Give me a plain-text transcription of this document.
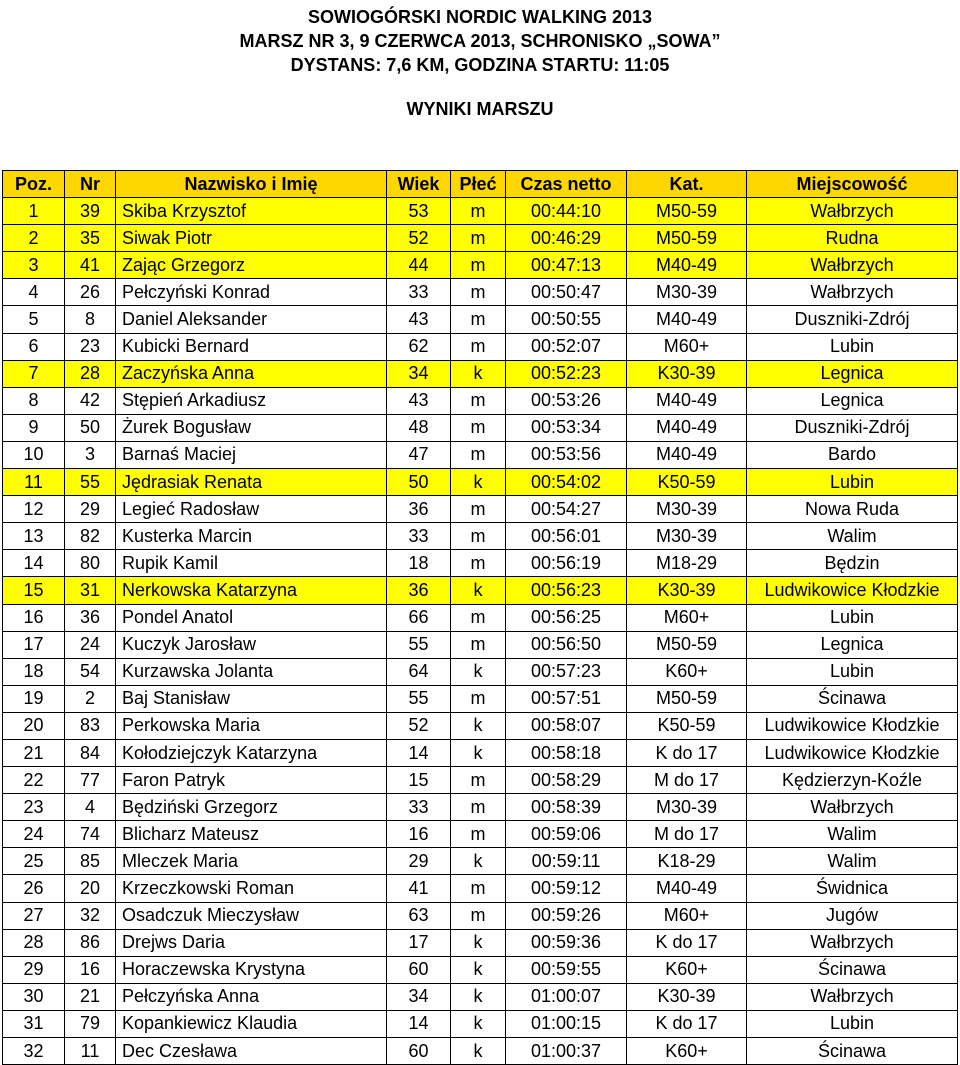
SOWIOGÓRSKI NORDIC WALKING 2013
MARSZ NR 3, 9 CZERWCA 2013, SCHRONISKO „SOWA”
DYSTANS: 7,6 KM, GODZINA STARTU: 11:05
WYNIKI MARSZU
Poz.	Nr	Nazwisko i Imię	Wiek	Płeć	Czas netto	Kat.	Miejscowość
1	39	Skiba Krzysztof	53	m	00:44:10	M50-59	Wałbrzych
2	35	Siwak Piotr	52	m	00:46:29	M50-59	Rudna
3	41	Zając Grzegorz	44	m	00:47:13	M40-49	Wałbrzych
4	26	Pełczyński Konrad	33	m	00:50:47	M30-39	Wałbrzych
5	8	Daniel Aleksander	43	m	00:50:55	M40-49	Duszniki-Zdrój
6	23	Kubicki Bernard	62	m	00:52:07	M60+	Lubin
7	28	Zaczyńska Anna	34	k	00:52:23	K30-39	Legnica
8	42	Stępień Arkadiusz	43	m	00:53:26	M40-49	Legnica
9	50	Żurek Bogusław	48	m	00:53:34	M40-49	Duszniki-Zdrój
10	3	Barnaś Maciej	47	m	00:53:56	M40-49	Bardo
11	55	Jędrasiak Renata	50	k	00:54:02	K50-59	Lubin
12	29	Legieć Radosław	36	m	00:54:27	M30-39	Nowa Ruda
13	82	Kusterka Marcin	33	m	00:56:01	M30-39	Walim
14	80	Rupik Kamil	18	m	00:56:19	M18-29	Będzin
15	31	Nerkowska Katarzyna	36	k	00:56:23	K30-39	Ludwikowice Kłodzkie
16	36	Pondel Anatol	66	m	00:56:25	M60+	Lubin
17	24	Kuczyk Jarosław	55	m	00:56:50	M50-59	Legnica
18	54	Kurzawska Jolanta	64	k	00:57:23	K60+	Lubin
19	2	Baj Stanisław	55	m	00:57:51	M50-59	Ścinawa
20	83	Perkowska Maria	52	k	00:58:07	K50-59	Ludwikowice Kłodzkie
21	84	Kołodziejczyk Katarzyna	14	k	00:58:18	K do 17	Ludwikowice Kłodzkie
22	77	Faron Patryk	15	m	00:58:29	M do 17	Kędzierzyn-Koźle
23	4	Będziński Grzegorz	33	m	00:58:39	M30-39	Wałbrzych
24	74	Blicharz Mateusz	16	m	00:59:06	M do 17	Walim
25	85	Mleczek Maria	29	k	00:59:11	K18-29	Walim
26	20	Krzeczkowski Roman	41	m	00:59:12	M40-49	Świdnica
27	32	Osadczuk Mieczysław	63	m	00:59:26	M60+	Jugów
28	86	Drejws Daria	17	k	00:59:36	K do 17	Wałbrzych
29	16	Horaczewska Krystyna	60	k	00:59:55	K60+	Ścinawa
30	21	Pełczyńska Anna	34	k	01:00:07	K30-39	Wałbrzych
31	79	Kopankiewicz Klaudia	14	k	01:00:15	K do 17	Lubin
32	11	Dec Czesława	60	k	01:00:37	K60+	Ścinawa
